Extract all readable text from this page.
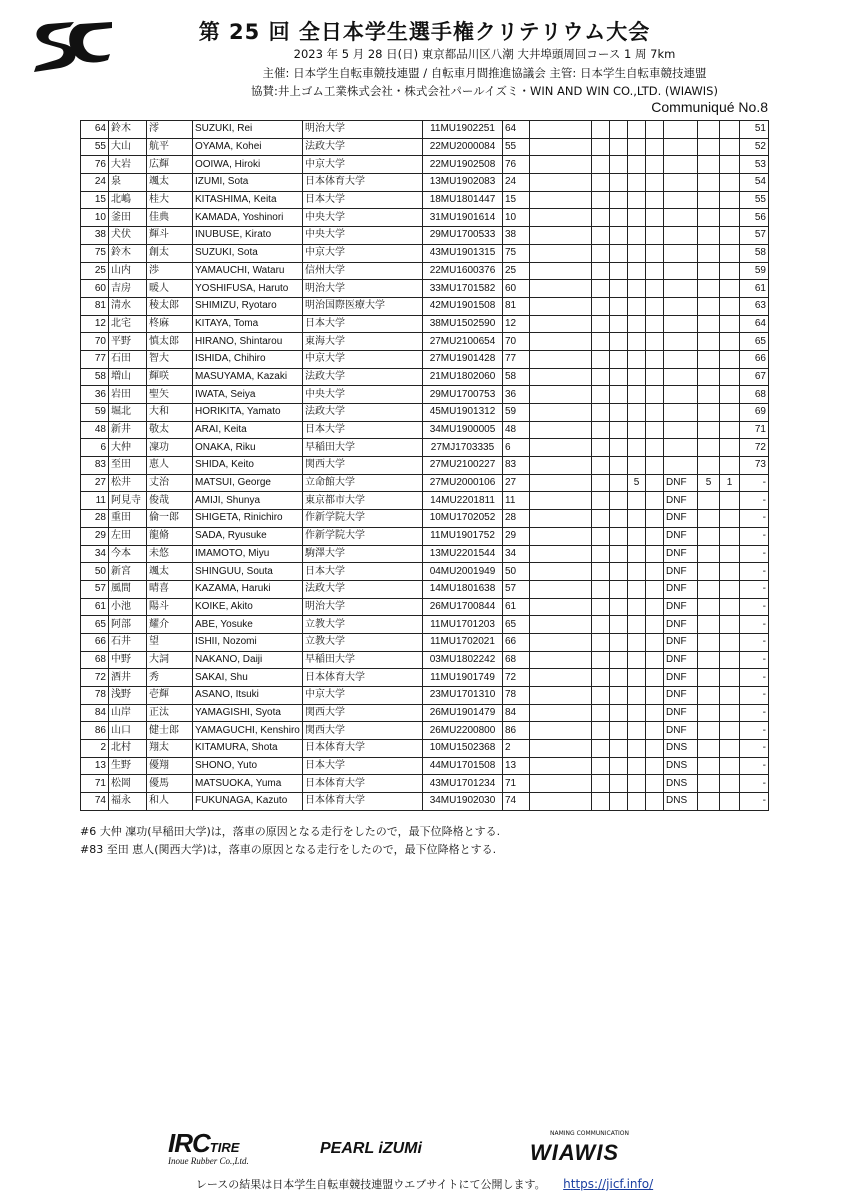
第 25 回 全日本学生選手権クリテリウム大会
2023 年 5 月 28 日(日) 東京都品川区八潮 大井埠頭周回コース 1 周 7km
主催: 日本学生自転車競技連盟 / 自転車月間推進協議会 主管: 日本学生自転車競技連盟
協賛:井上ゴム工業株式会社・株式会社パールイズミ・WIN AND WIN CO.,LTD. (WIAWIS)
Communiqué No.8
64	鈴木	澪	SUZUKI, Rei	明治大学	11MU1902251	64									51
55	大山	航平	OYAMA, Kohei	法政大学	22MU2000084	55									52
76	大岩	広輝	OOIWA, Hiroki	中京大学	22MU1902508	76									53
24	泉	颯太	IZUMI, Sota	日本体育大学	13MU1902083	24									54
15	北嶋	桂大	KITASHIMA, Keita	日本大学	18MU1801447	15									55
10	釜田	佳典	KAMADA, Yoshinori	中央大学	31MU1901614	10									56
38	犬伏	輝斗	INUBUSE, Kirato	中央大学	29MU1700533	38									57
75	鈴木	創太	SUZUKI, Sota	中京大学	43MU1901315	75									58
25	山内	渉	YAMAUCHI, Wataru	信州大学	22MU1600376	25									59
60	吉房	暖人	YOSHIFUSA, Haruto	明治大学	33MU1701582	60									61
81	清水	稜太郎	SHIMIZU, Ryotaro	明治国際医療大学	42MU1901508	81									63
12	北宅	柊麻	KITAYA, Toma	日本大学	38MU1502590	12									64
70	平野	慎太郎	HIRANO, Shintarou	東海大学	27MU2100654	70									65
77	石田	智大	ISHIDA, Chihiro	中京大学	27MU1901428	77									66
58	増山	輝咲	MASUYAMA, Kazaki	法政大学	21MU1802060	58									67
36	岩田	聖矢	IWATA, Seiya	中央大学	29MU1700753	36									68
59	堀北	大和	HORIKITA, Yamato	法政大学	45MU1901312	59									69
48	新井	敬太	ARAI, Keita	日本大学	34MU1900005	48									71
6	大仲	凜功	ONAKA, Riku	早稲田大学	27MJ1703335	6									72
83	至田	恵人	SHIDA, Keito	関西大学	27MU2100227	83									73
27	松井	丈治	MATSUI, George	立命館大学	27MU2000106	27				5		DNF	5	1	-
11	阿見寺	俊哉	AMIJI, Shunya	東京都市大学	14MU2201811	11						DNF			-
28	重田	倫一郎	SHIGETA, Rinichiro	作新学院大学	10MU1702052	28						DNF			-
29	左田	龍脩	SADA, Ryusuke	作新学院大学	11MU1901752	29						DNF			-
34	今本	未悠	IMAMOTO, Miyu	駒澤大学	13MU2201544	34						DNF			-
50	新宮	颯太	SHINGUU, Souta	日本大学	04MU2001949	50						DNF			-
57	風間	晴喜	KAZAMA, Haruki	法政大学	14MU1801638	57						DNF			-
61	小池	陽斗	KOIKE, Akito	明治大学	26MU1700844	61						DNF			-
65	阿部	耀介	ABE, Yosuke	立教大学	11MU1701203	65						DNF			-
66	石井	望	ISHII, Nozomi	立教大学	11MU1702021	66						DNF			-
68	中野	大詞	NAKANO, Daiji	早稲田大学	03MU1802242	68						DNF			-
72	酒井	秀	SAKAI, Shu	日本体育大学	11MU1901749	72						DNF			-
78	浅野	壱輝	ASANO, Itsuki	中京大学	23MU1701310	78						DNF			-
84	山岸	正汰	YAMAGISHI, Syota	関西大学	26MU1901479	84						DNF			-
86	山口	健士郎	YAMAGUCHI, Kenshiro	関西大学	26MU2200800	86						DNF			-
2	北村	翔太	KITAMURA, Shota	日本体育大学	10MU1502368	2						DNS			-
13	生野	優翔	SHONO, Yuto	日本大学	44MU1701508	13						DNS			-
71	松岡	優馬	MATSUOKA, Yuma	日本体育大学	43MU1701234	71						DNS			-
74	福永	和人	FUKUNAGA, Kazuto	日本体育大学	34MU1902030	74						DNS			-
#6 大仲 凜功(早稲田大学)は，落車の原因となる走行をしたので，最下位降格とする.
#83 至田 恵人(関西大学)は，落車の原因となる走行をしたので，最下位降格とする.
IRCTIRE
Inoue Rubber Co.,Ltd.
PEARL iZUMi
NAMING COMMUNICATION
WIAWIS
レースの結果は日本学生自転車競技連盟ウエブサイトにて公開します。 https://jicf.info/
